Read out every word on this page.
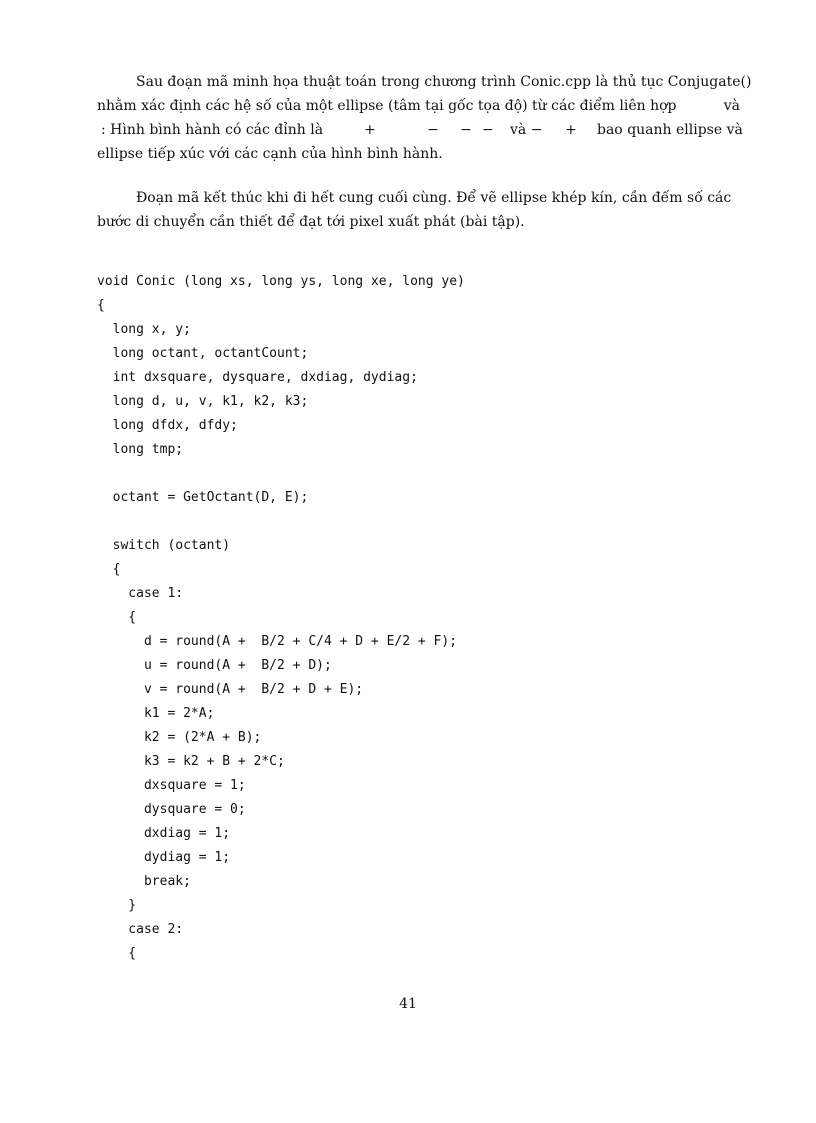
Sau đoạn mã minh họa thuật toán trong chương trình Conic.cpp là thủ tục Conjugate()
nhằm xác định các hệ số của một ellipse (tâm tại gốc tọa độ) từ các điểm liên hợp	và
: Hình bình hành có các đỉnh là	+	− − − và − + bao quanh ellipse và
ellipse tiếp xúc với các cạnh của hình bình hành.
Đoạn mã kết thúc khi đi hết cung cuối cùng. Để vẽ ellipse khép kín, cần đếm số các
bước di chuyển cần thiết để đạt tới pixel xuất phát (bài tập).
void Conic (long xs, long ys, long xe, long ye)
{
long x, y;
long octant, octantCount;
int dxsquare, dysquare, dxdiag, dydiag;
long d, u, v, k1, k2, k3;
long dfdx, dfdy;
long tmp;
octant = GetOctant(D, E);
switch (octant)
{
case 1:
{
d = round(A +  B/2 + C/4 + D + E/2 + F);
u = round(A +  B/2 + D);
v = round(A +  B/2 + D + E);
k1 = 2*A;
k2 = (2*A + B);
k3 = k2 + B + 2*C;
dxsquare = 1;
dysquare = 0;
dxdiag = 1;
dydiag = 1;
break;
}
case 2:
{
41
